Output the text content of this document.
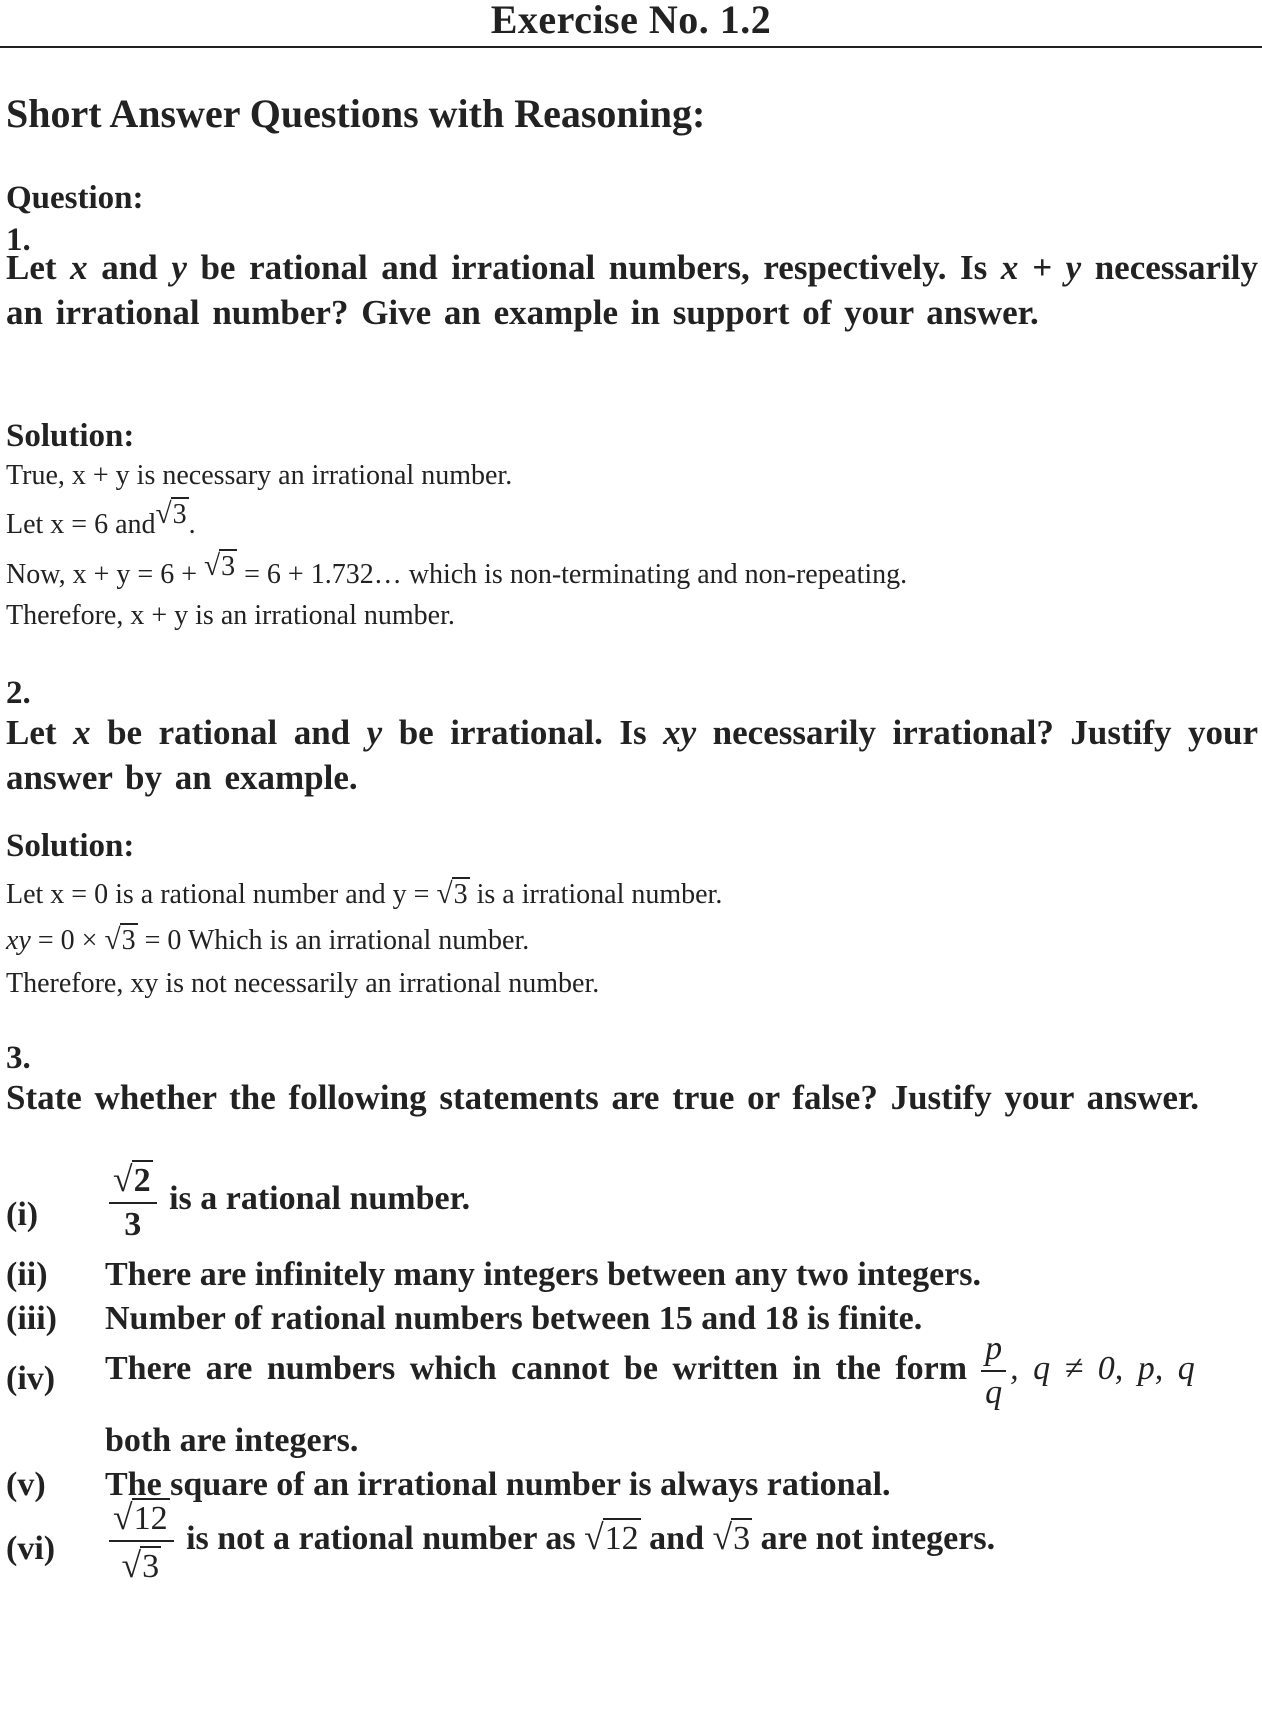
Exercise No. 1.2
Short Answer Questions with Reasoning:
Question:
1.
Let x and y be rational and irrational numbers, respectively. Is x + y necessarily an irrational number? Give an example in support of your answer.
Solution:
True, x + y is necessary an irrational number.
Let x = 6 and√3.
Now, x + y = 6 + √3 = 6 + 1.732… which is non-terminating and non-repeating.
Therefore, x + y is an irrational number.
2.
Let x be rational and y be irrational. Is xy necessarily irrational? Justify your answer by an example.
Solution:
Let x = 0 is a rational number and y = √3 is a irrational number.
xy = 0 × √3 = 0 Which is an irrational number.
Therefore, xy is not necessarily an irrational number.
3.
State whether the following statements are true or false? Justify your answer.
$(i) \frac{√2}{3}$ is a rational number.
(ii) There are infinitely many integers between any two integers.
(iii) Number of rational numbers between 15 and 18 is finite.
(iv) There are numbers which cannot be written in the form $\frac{p}{q}$ , q ≠ 0, p, q
both are integers.
(v) The square of an irrational number is always rational.
$(vi) \frac{√12}{√3}$ is not a rational number as √12 and √3 are not integers.
